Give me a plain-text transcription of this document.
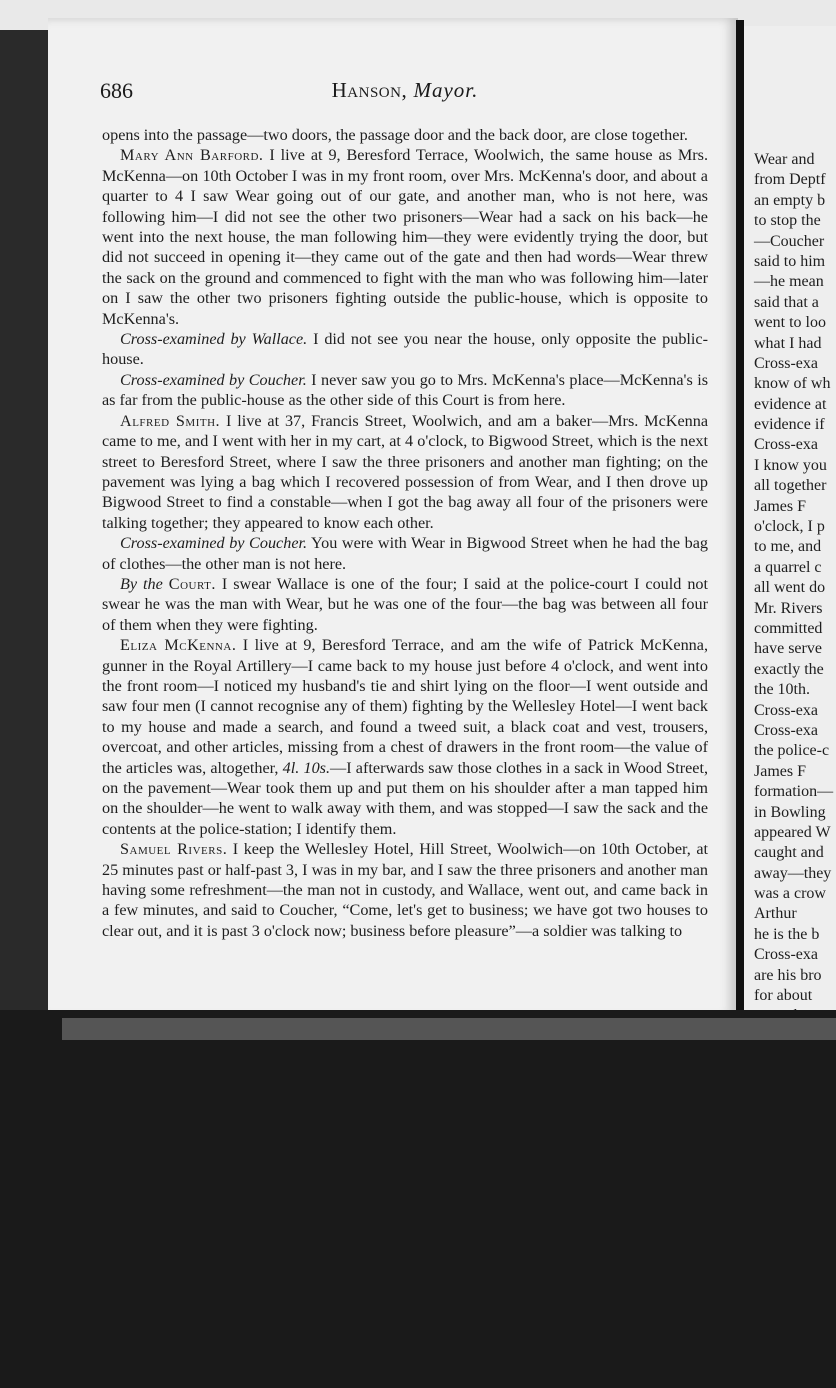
Wear and
from Deptf
an empty b
to stop the
—Coucher
said to him
—he mean
said that a
went to loo
what I had
Cross-exa
know of wh
evidence at
evidence if
Cross-exa
I know you
all together
James F
o'clock, I p
to me, and
a quarrel c
all went do
Mr. Rivers
committed
have serve
exactly the
the 10th.
Cross-exa
Cross-exa
the police-c
James F
formation—
in Bowling
appeared W
caught and
away—they
was a crow
Arthur
he is the b
Cross-exa
are his bro
for about
686	Hanson, Mayor.

opens into the passage—two doors, the passage door and the back door, are close together.

Mary Ann Barford. I live at 9, Beresford Terrace, Woolwich, the same house as Mrs. McKenna—on 10th October I was in my front room, over Mrs. McKenna's door, and about a quarter to 4 I saw Wear going out of our gate, and another man, who is not here, was following him—I did not see the other two prisoners—Wear had a sack on his back—he went into the next house, the man following him—they were evidently trying the door, but did not succeed in opening it—they came out of the gate and then had words—Wear threw the sack on the ground and commenced to fight with the man who was following him—later on I saw the other two prisoners fighting outside the public-house, which is opposite to McKenna's.

Cross-examined by Wallace. I did not see you near the house, only opposite the public-house.

Cross-examined by Coucher. I never saw you go to Mrs. McKenna's place—McKenna's is as far from the public-house as the other side of this Court is from here.

Alfred Smith. I live at 37, Francis Street, Woolwich, and am a baker—Mrs. McKenna came to me, and I went with her in my cart, at 4 o'clock, to Bigwood Street, which is the next street to Beresford Street, where I saw the three prisoners and another man fighting; on the pavement was lying a bag which I recovered possession of from Wear, and I then drove up Bigwood Street to find a constable—when I got the bag away all four of the prisoners were talking together; they appeared to know each other.

Cross-examined by Coucher. You were with Wear in Bigwood Street when he had the bag of clothes—the other man is not here.

By the Court. I swear Wallace is one of the four; I said at the police-court I could not swear he was the man with Wear, but he was one of the four—the bag was between all four of them when they were fighting.

Eliza McKenna. I live at 9, Beresford Terrace, and am the wife of Patrick McKenna, gunner in the Royal Artillery—I came back to my house just before 4 o'clock, and went into the front room—I noticed my husband's tie and shirt lying on the floor—I went outside and saw four men (I cannot recognise any of them) fighting by the Wellesley Hotel—I went back to my house and made a search, and found a tweed suit, a black coat and vest, trousers, overcoat, and other articles, missing from a chest of drawers in the front room—the value of the articles was, altogether, 4l. 10s.—I afterwards saw those clothes in a sack in Wood Street, on the pavement—Wear took them up and put them on his shoulder after a man tapped him on the shoulder—he went to walk away with them, and was stopped—I saw the sack and the contents at the police-station; I identify them.

Samuel Rivers. I keep the Wellesley Hotel, Hill Street, Woolwich—on 10th October, at 25 minutes past or half-past 3, I was in my bar, and I saw the three prisoners and another man having some refreshment—the man not in custody, and Wallace, went out, and came back in a few minutes, and said to Coucher, “Come, let's get to business; we have got two houses to clear out, and it is past 3 o'clock now; business before pleasure”—a soldier was talking to
